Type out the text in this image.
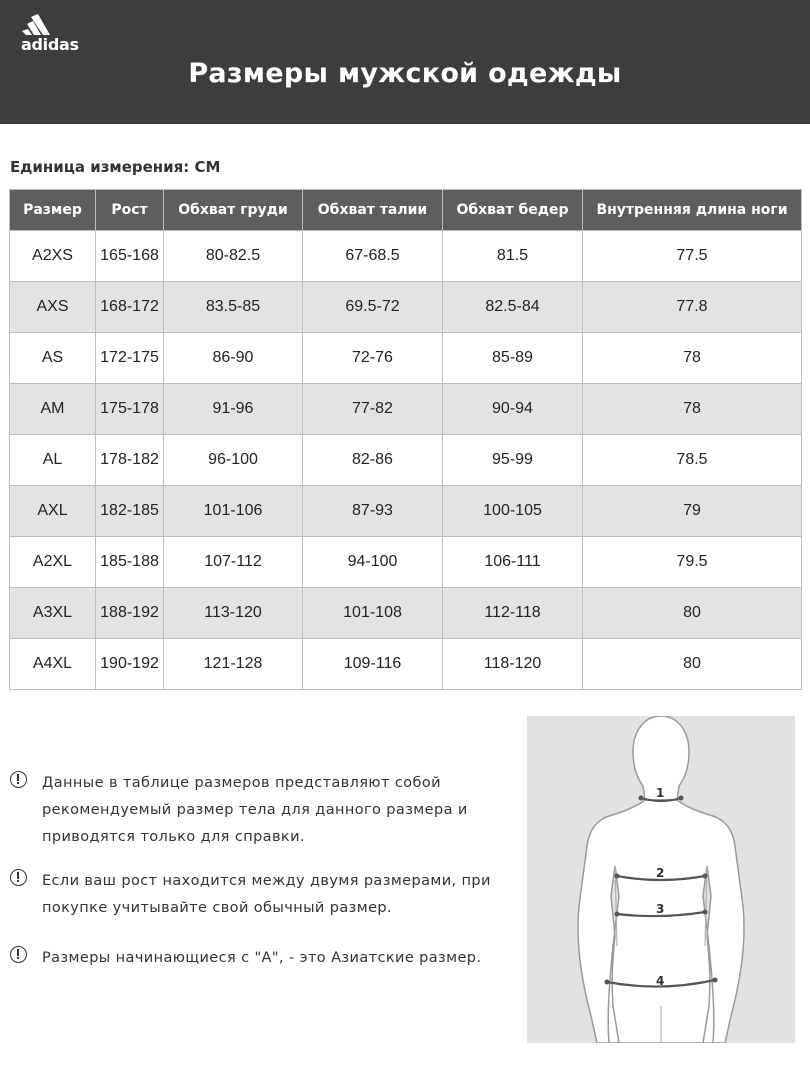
adidas
Размеры мужской одежды
Единица измерения: СМ
Размер	Рост	Обхват груди	Обхват талии	Обхват бедер	Внутренняя длина ноги
A2XS	165-168	80-82.5	67-68.5	81.5	77.5
AXS	168-172	83.5-85	69.5-72	82.5-84	77.8
AS	172-175	86-90	72-76	85-89	78
AM	175-178	91-96	77-82	90-94	78
AL	178-182	96-100	82-86	95-99	78.5
AXL	182-185	101-106	87-93	100-105	79
A2XL	185-188	107-112	94-100	106-111	79.5
A3XL	188-192	113-120	101-108	112-118	80
A4XL	190-192	121-128	109-116	118-120	80
Данные в таблице размеров представляют собой рекомендуемый размер тела для данного размера и приводятся только для справки.
Если ваш рост находится между двумя размерами, при покупке учитывайте свой обычный размер.
Размеры начинающиеся с "А", - это Азиатские размер.
1
2
3
4
